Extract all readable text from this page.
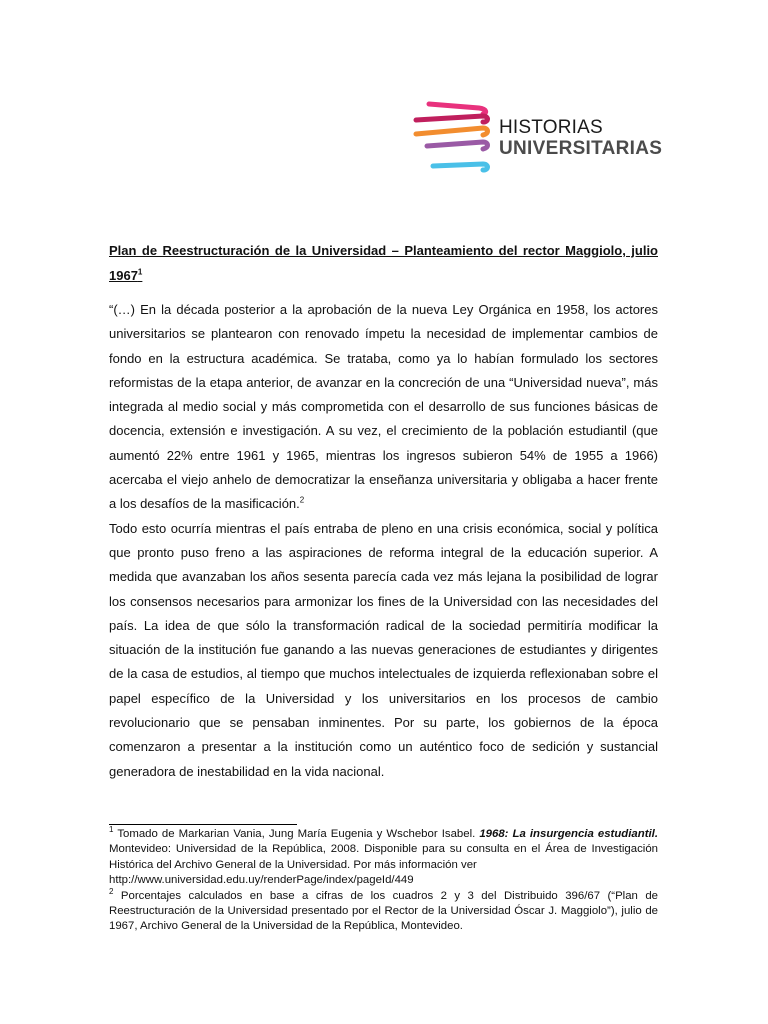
HISTORIAS
UNIVERSITARIAS
Plan de Reestructuración de la Universidad – Planteamiento del rector Maggiolo, julio 1967$^1$

“(…) En la década posterior a la aprobación de la nueva Ley Orgánica en 1958, los actores universitarios se plantearon con renovado ímpetu la necesidad de implementar cambios de fondo en la estructura académica. Se trataba, como ya lo habían formulado los sectores reformistas de la etapa anterior, de avanzar en la concreción de una “Universidad nueva”, más integrada al medio social y más comprometida con el desarrollo de sus funciones básicas de docencia, extensión e investigación. A su vez, el crecimiento de la población estudiantil (que aumentó 22% entre 1961 y 1965, mientras los ingresos subieron 54% de 1955 a 1966) acercaba el viejo anhelo de democratizar la enseñanza universitaria y obligaba a hacer frente a los desafíos de la masificación.$^2$

Todo esto ocurría mientras el país entraba de pleno en una crisis económica, social y política que pronto puso freno a las aspiraciones de reforma integral de la educación superior. A medida que avanzaban los años sesenta parecía cada vez más lejana la posibilidad de lograr los consensos necesarios para armonizar los fines de la Universidad con las necesidades del país. La idea de que sólo la transformación radical de la sociedad permitiría modificar la situación de la institución fue ganando a las nuevas generaciones de estudiantes y dirigentes de la casa de estudios, al tiempo que muchos intelectuales de izquierda reflexionaban sobre el papel específico de la Universidad y los universitarios en los procesos de cambio revolucionario que se pensaban inminentes. Por su parte, los gobiernos de la época comenzaron a presentar a la institución como un auténtico foco de sedición y sustancial generadora de inestabilidad en la vida nacional.

$^1$ Tomado de Markarian Vania, Jung María Eugenia y Wschebor Isabel. 1968: La insurgencia estudiantil. Montevideo: Universidad de la República, 2008. Disponible para su consulta en el Área de Investigación Histórica del Archivo General de la Universidad. Por más información ver
http://www.universidad.edu.uy/renderPage/index/pageId/449

$^2$ Porcentajes calculados en base a cifras de los cuadros 2 y 3 del Distribuido 396/67 (“Plan de Reestructuración de la Universidad presentado por el Rector de la Universidad Óscar J. Maggiolo”), julio de 1967, Archivo General de la Universidad de la República, Montevideo.
